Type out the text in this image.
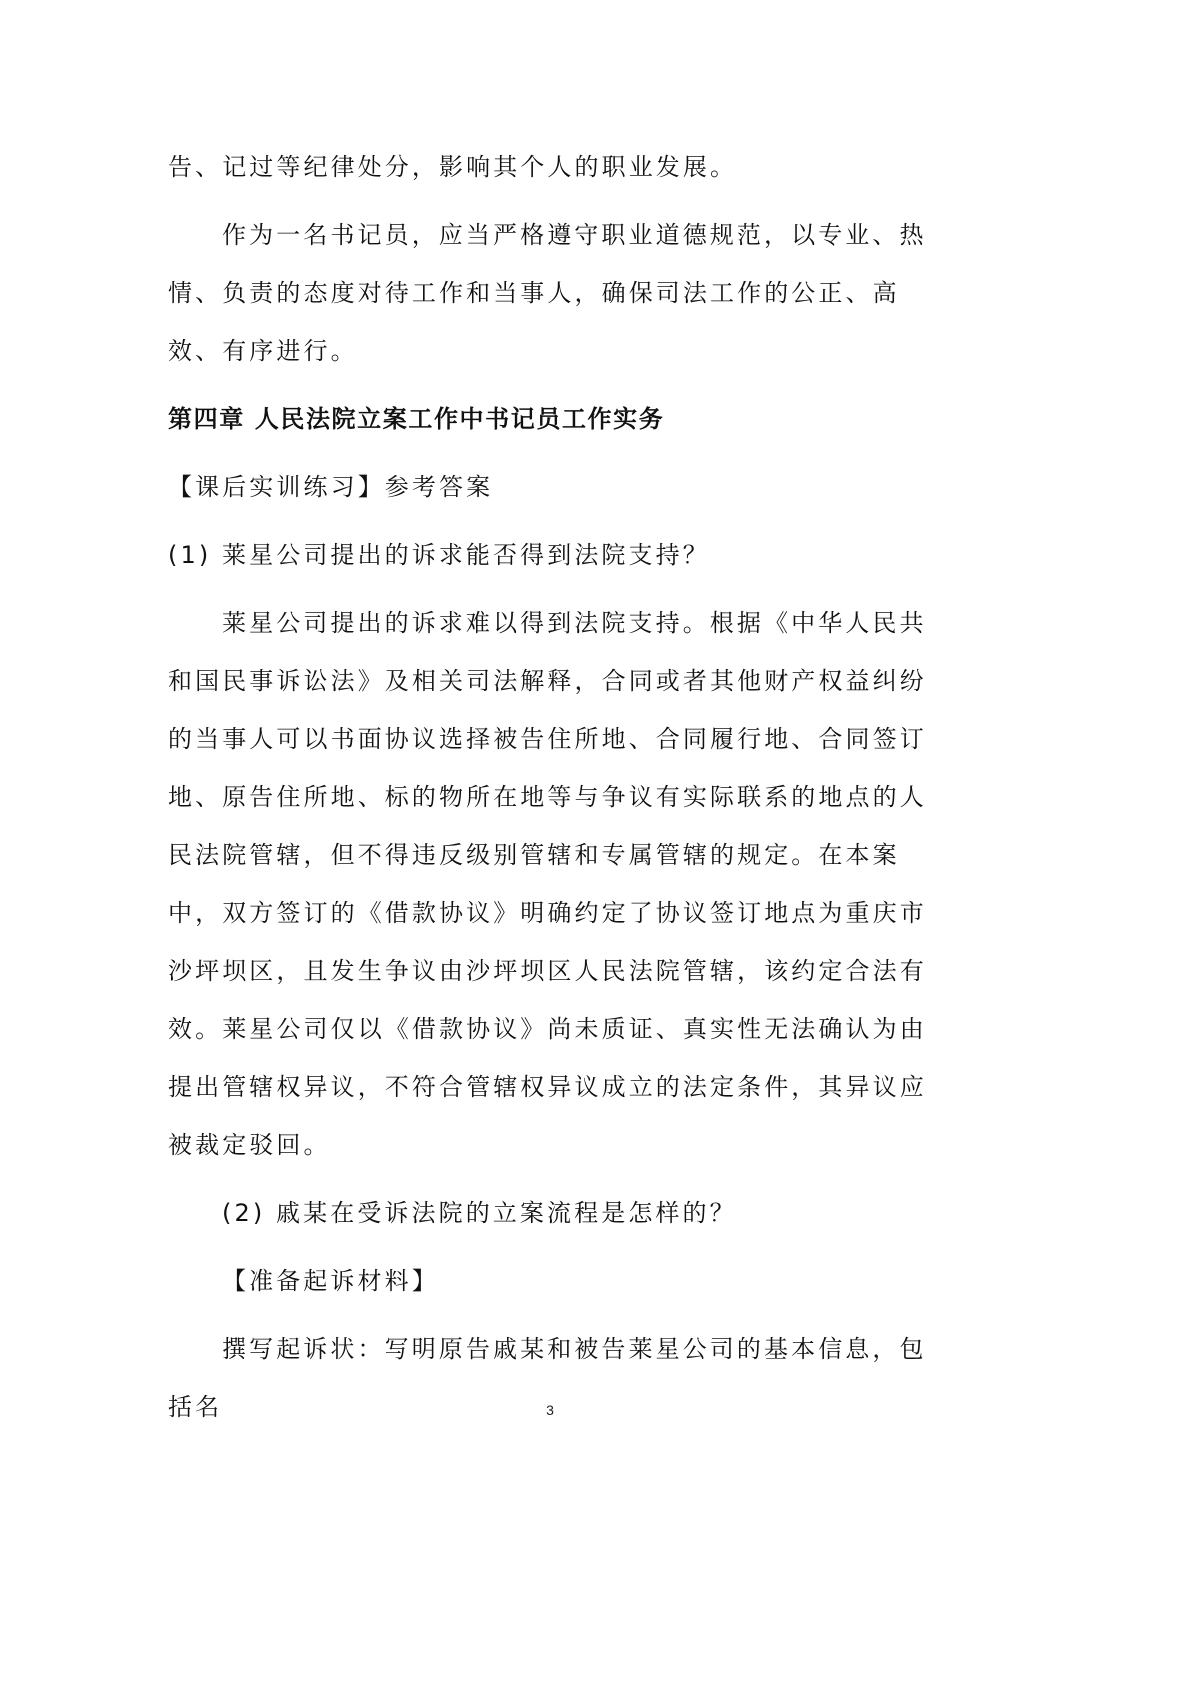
告、记过等纪律处分，影响其个人的职业发展。

作为一名书记员，应当严格遵守职业道德规范，以专业、热情、负责的态度对待工作和当事人，确保司法工作的公正、高效、有序进行。

第四章 人民法院立案工作中书记员工作实务

【课后实训练习】参考答案

(1) 莱星公司提出的诉求能否得到法院支持？

莱星公司提出的诉求难以得到法院支持。根据《中华人民共和国民事诉讼法》及相关司法解释，合同或者其他财产权益纠纷的当事人可以书面协议选择被告住所地、合同履行地、合同签订地、原告住所地、标的物所在地等与争议有实际联系的地点的人民法院管辖，但不得违反级别管辖和专属管辖的规定。在本案中，双方签订的《借款协议》明确约定了协议签订地点为重庆市沙坪坝区，且发生争议由沙坪坝区人民法院管辖，该约定合法有效。莱星公司仅以《借款协议》尚未质证、真实性无法确认为由提出管辖权异议，不符合管辖权异议成立的法定条件，其异议应被裁定驳回。

(2) 戚某在受诉法院的立案流程是怎样的？

【准备起诉材料】

撰写起诉状：写明原告戚某和被告莱星公司的基本信息，包括名	3
